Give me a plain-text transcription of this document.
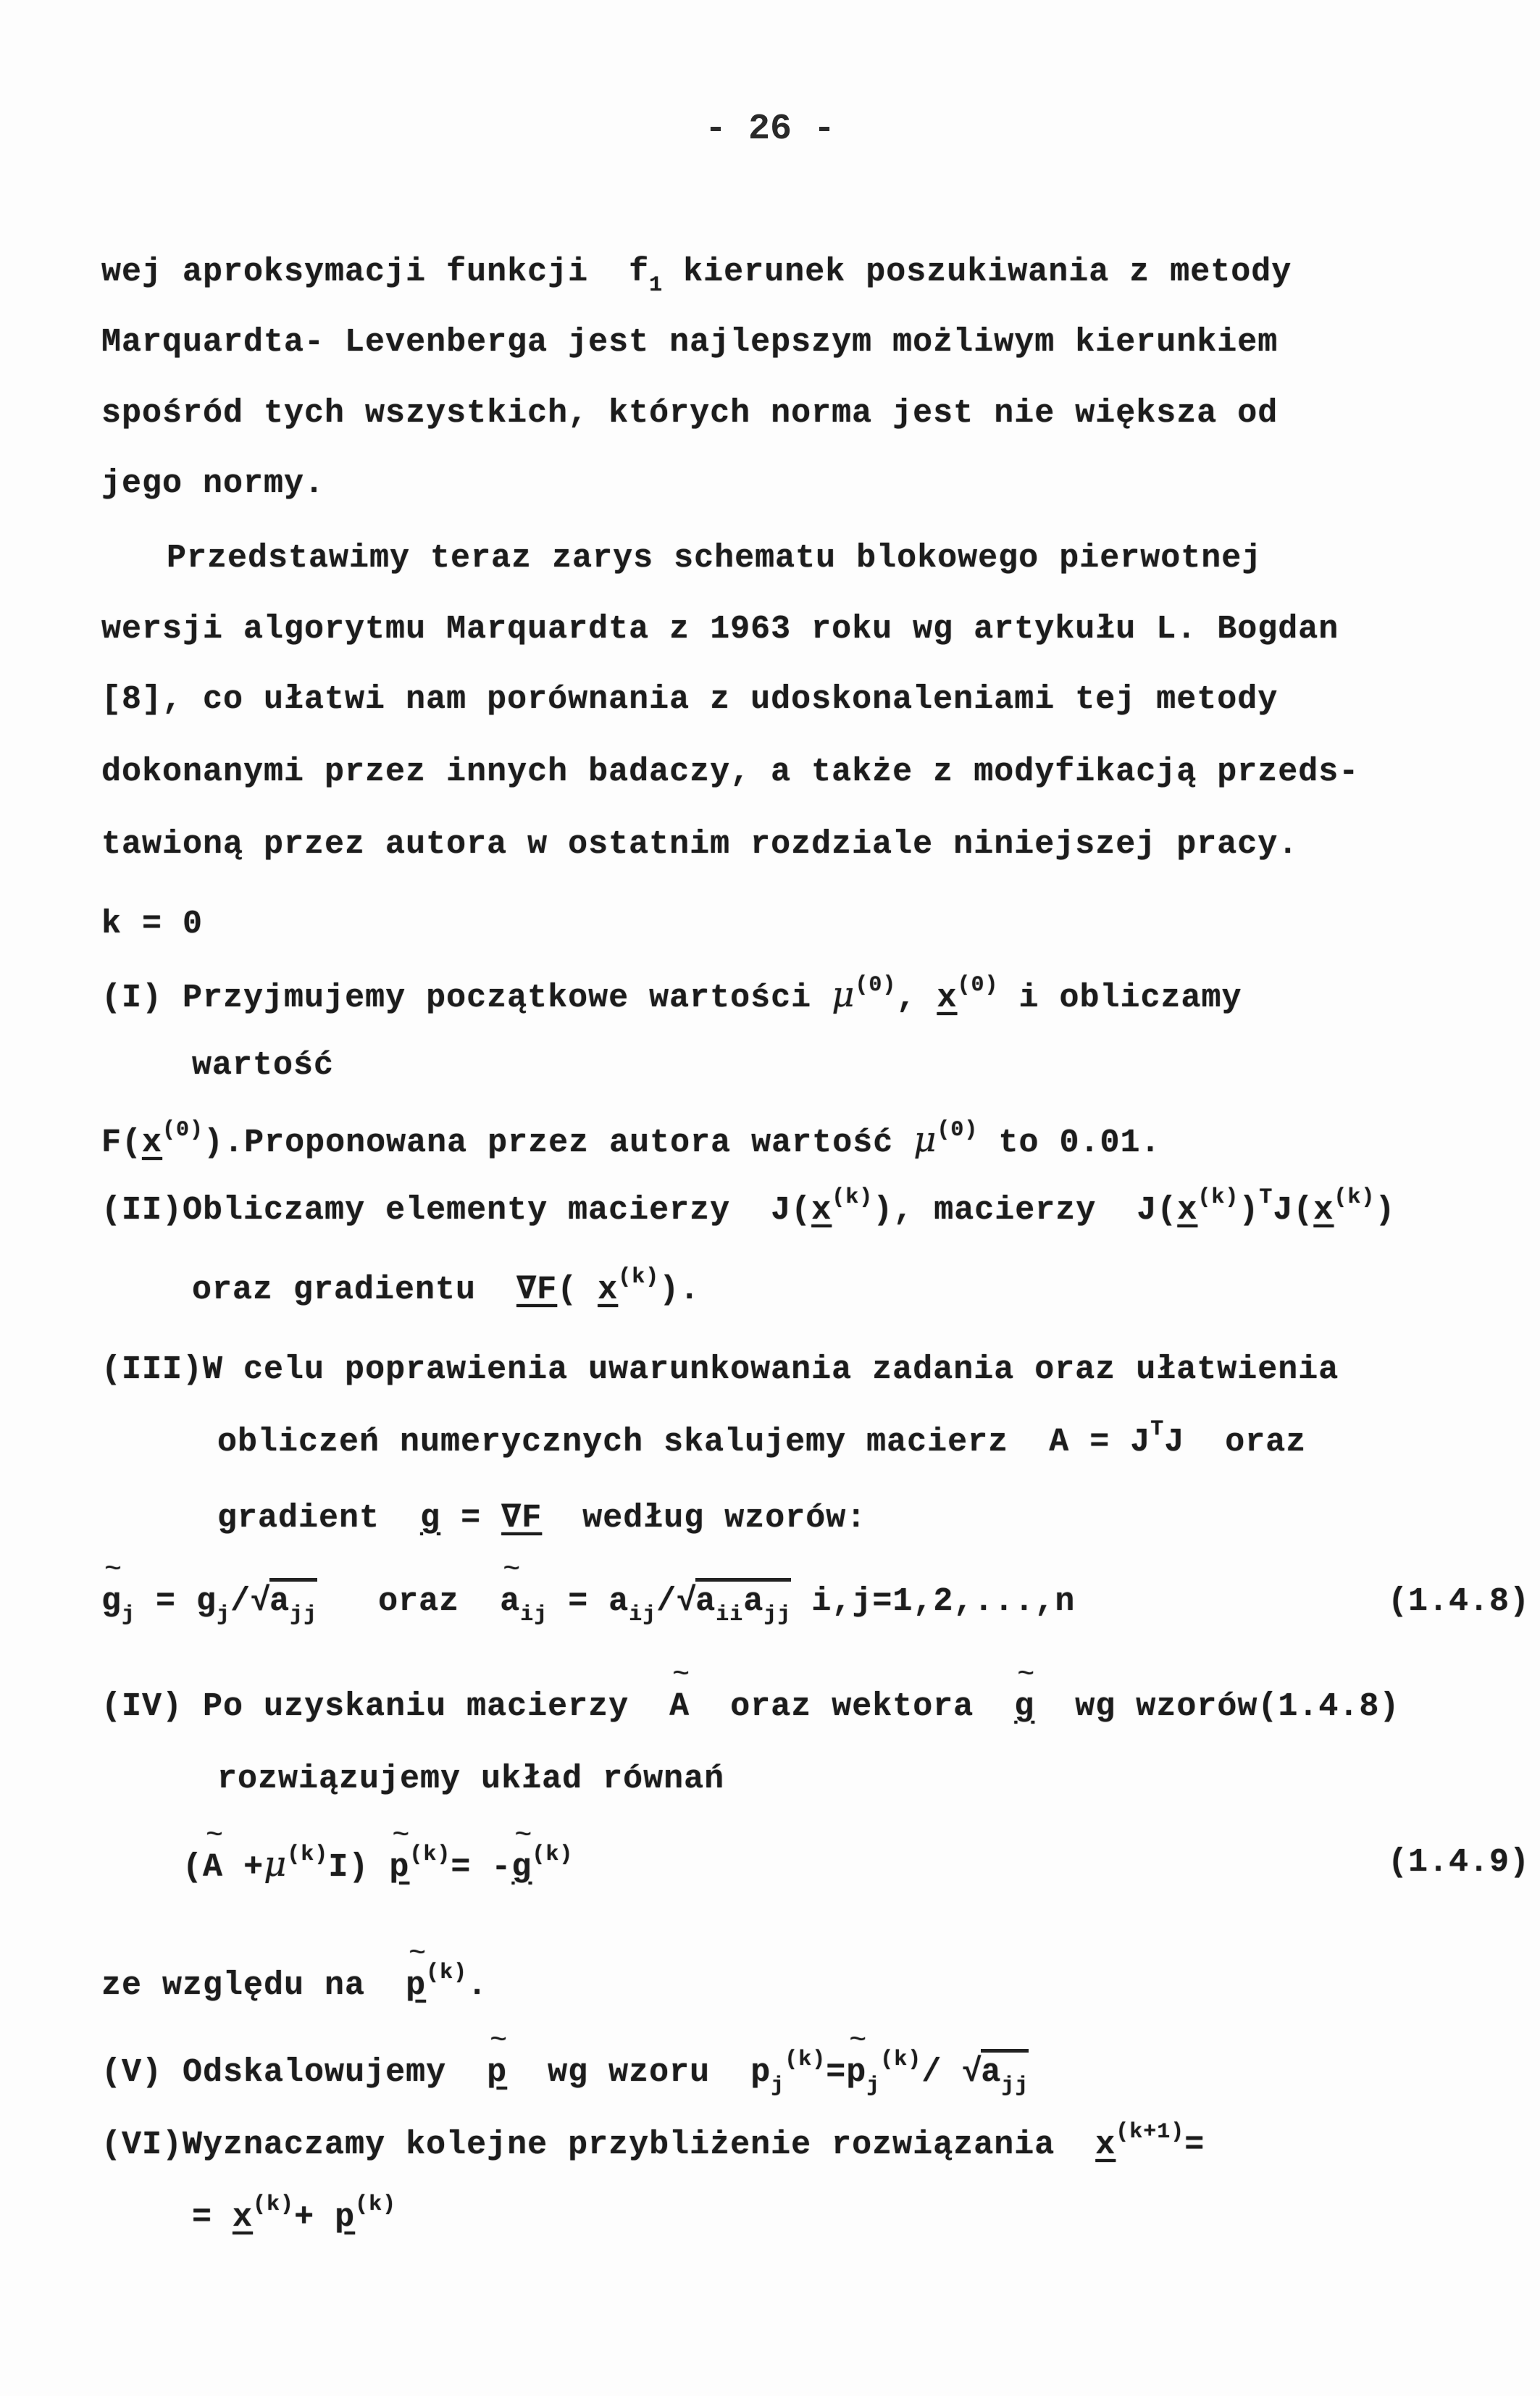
- 26 -
wej aproksymacji funkcji $f_1$ kierunek poszukiwania z metody
Marquardta- Levenberga jest najlepszym możliwym kierunkiem
spośród tych wszystkich, których norma jest nie większa od
jego normy.
Przedstawimy teraz zarys schematu blokowego pierwotnej
wersji algorytmu Marquardta z 1963 roku wg artykułu L. Bogdan
[8], co ułatwi nam porównania z udoskonaleniami tej metody
dokonanymi przez innych badaczy, a także z modyfikacją przeds-
tawioną przez autora w ostatnim rozdziale niniejszej pracy.
k = 0
(I) Przyjmujemy początkowe wartości $\mu^{(0)}$, $x^{(0)}$ i obliczamy
wartość
$F(x^{(0)}).Proponowana$ przez autora wartość $\mu^{(0)}$ to 0.01.
(II)Obliczamy elementy macierzy $J(x^{(k)})$, macierzy $J(x^{(k)})^TJ(x^{(k)})$
oraz gradientu ∇F( $x^{(k)}$).
(III)W celu poprawienia uwarunkowania zadania oraz ułatwienia
obliczeń numerycznych skalujemy macierz $A = J^TJ$ oraz
gradient g = ∇F według wzorów:
~ $g_j = g_j/√a_{jj}$ oraz ~ $a_{ij} = a_{ij}/√a_{ii}a_{jj}$ i,j=1,2,...,n	(1.4.8)
(IV) Po uzyskaniu macierzy ~ A oraz wektora ~ g wg wzorów(1.4.8)
rozwiązujemy układ równań
(~ $A +\mu^{(k)}I$) ~ $p^{(k)}=$ -~ $g^{(k)}$	(1.4.9)
ze względu na ~ $p^{(k)}$.
(V) Odskalowujemy ~ p wg wzoru $p_j^{(k)}=\sim$ $p_j^{(k)}/$ $√a_{jj}$
(VI)Wyznaczamy kolejne przybliżenie rozwiązania $x^{(k+1)}=$
= $x^{(k)}+ p^{(k)}$
